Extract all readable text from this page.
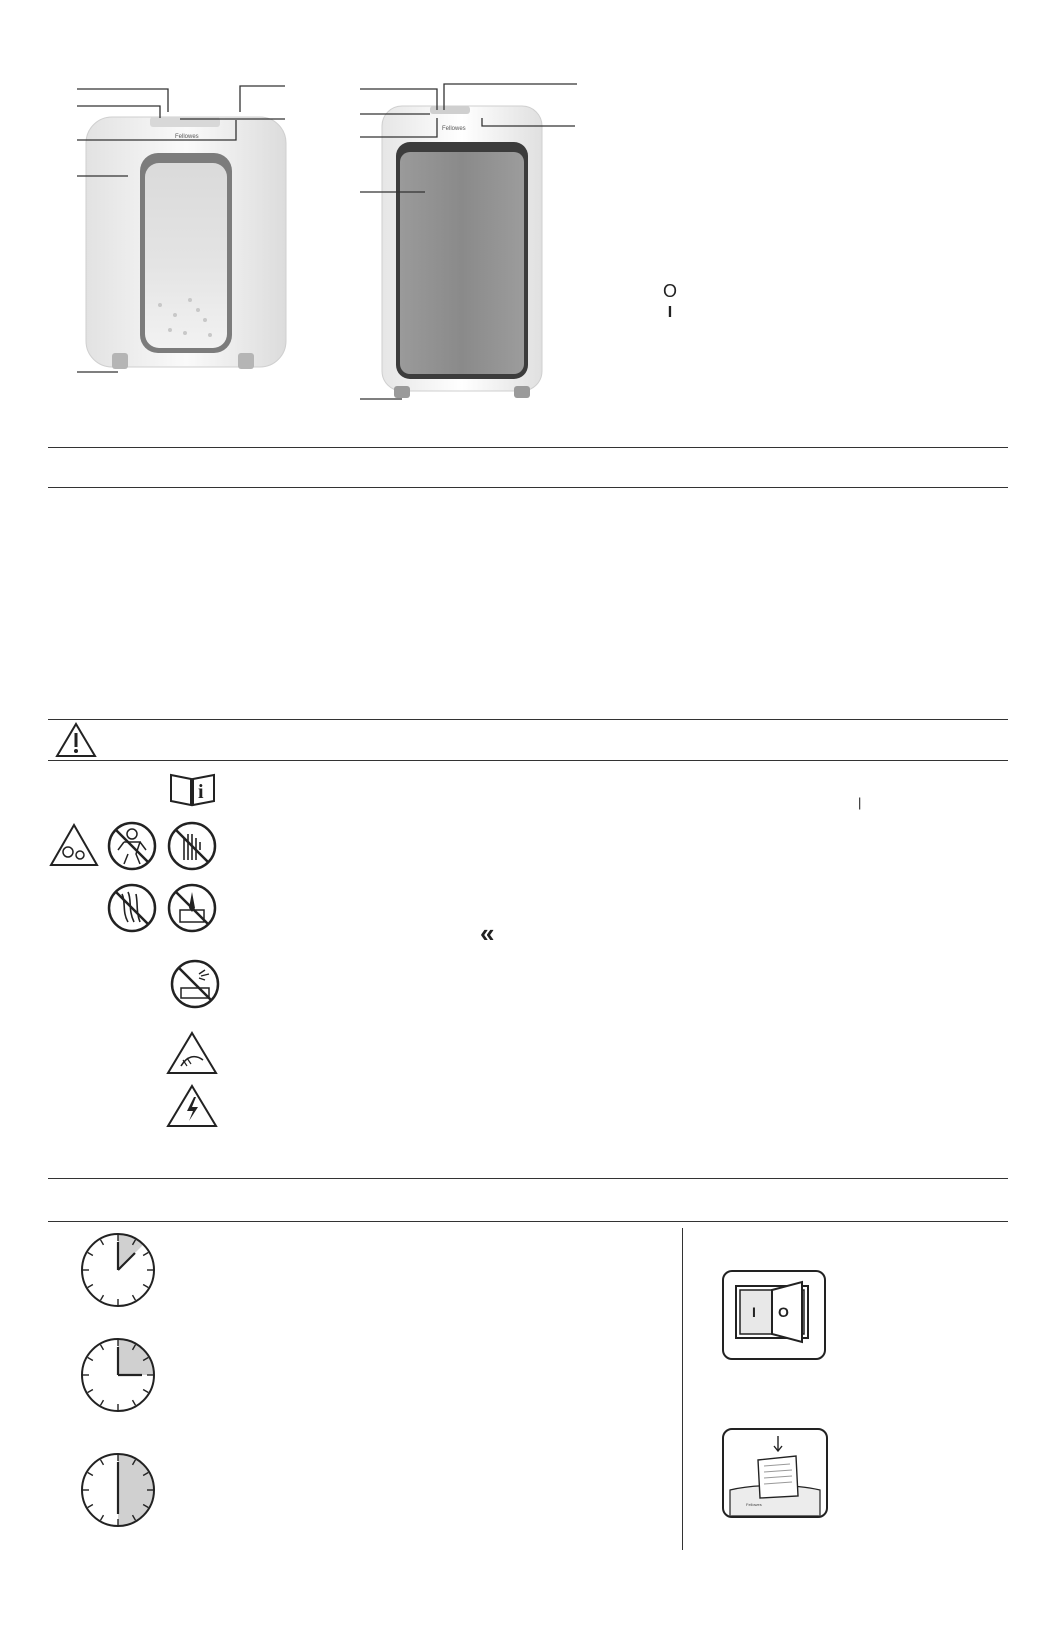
Fellowes
Fellowes
O
I
i	|
«
I O
Fellowes
